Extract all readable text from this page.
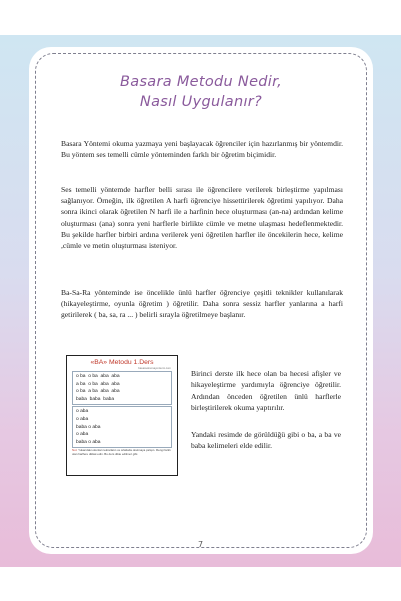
Basara Metodu Nedir,
Nasıl Uygulanır?

Basara Yöntemi okuma yazmaya yeni başlayacak öğrenciler için hazırlanmış bir yöntemdir. Bu yöntem ses temelli cümle yönteminden farklı bir öğretim biçimidir.

Ses temelli yöntemde harfler belli sırası ile öğrencilere verilerek birleştirme yapılması sağlanıyor. Örneğin, ilk öğretilen A harfi öğrenciye hissettirilerek öğretimi yapılıyor. Daha sonra ikinci olarak öğretilen N harfi ile a harfinin hece oluşturması (an-na) ardından kelime oluşturması (ana) sonra yeni harflerle birlikte cümle ve metne ulaşması hedeflenmektedir. Bu şekilde harfler birbiri ardına verilerek yeni öğretilen harfler ile öncekilerin hece, kelime ,cümle ve metin oluşturması isteniyor.

Ba-Sa-Ra yönteminde ise öncelikle ünlü harfler öğrenciye çeşitli teknikler kullanılarak (hikayeleştirme, oyunla öğretim ) öğretilir. Daha sonra sessiz harfler yanlarına a harfi getirilerek ( ba, sa, ra ... ) belirli sırayla öğretilmeye başlanır.

«BA» Metodu 1.Ders
basaraokumayontemi.com
o ba o ba aba aba
a ba o ba aba aba
o ba a ba aba aba
baba baba baba
o aba
o aba
baba o aba
o aba
baba o aba
Not: Yukarıdaki okunları tekrarlatın ve sıfatlarla okutmaya çalışın. Rengi farklı olan harflere dikkat edin. Bu ders dikte edilmez gibi.

Birinci derste ilk hece olan ba hecesi afişler ve hikayeleştirme yardımıyla öğrenciye öğretilir. Ardından önceden öğretilen ünlü harflerle birleştirilerek okuma yaptırılır.

Yandaki resimde de görüldüğü gibi o ba, a ba ve baba kelimeleri elde edilir.

7
